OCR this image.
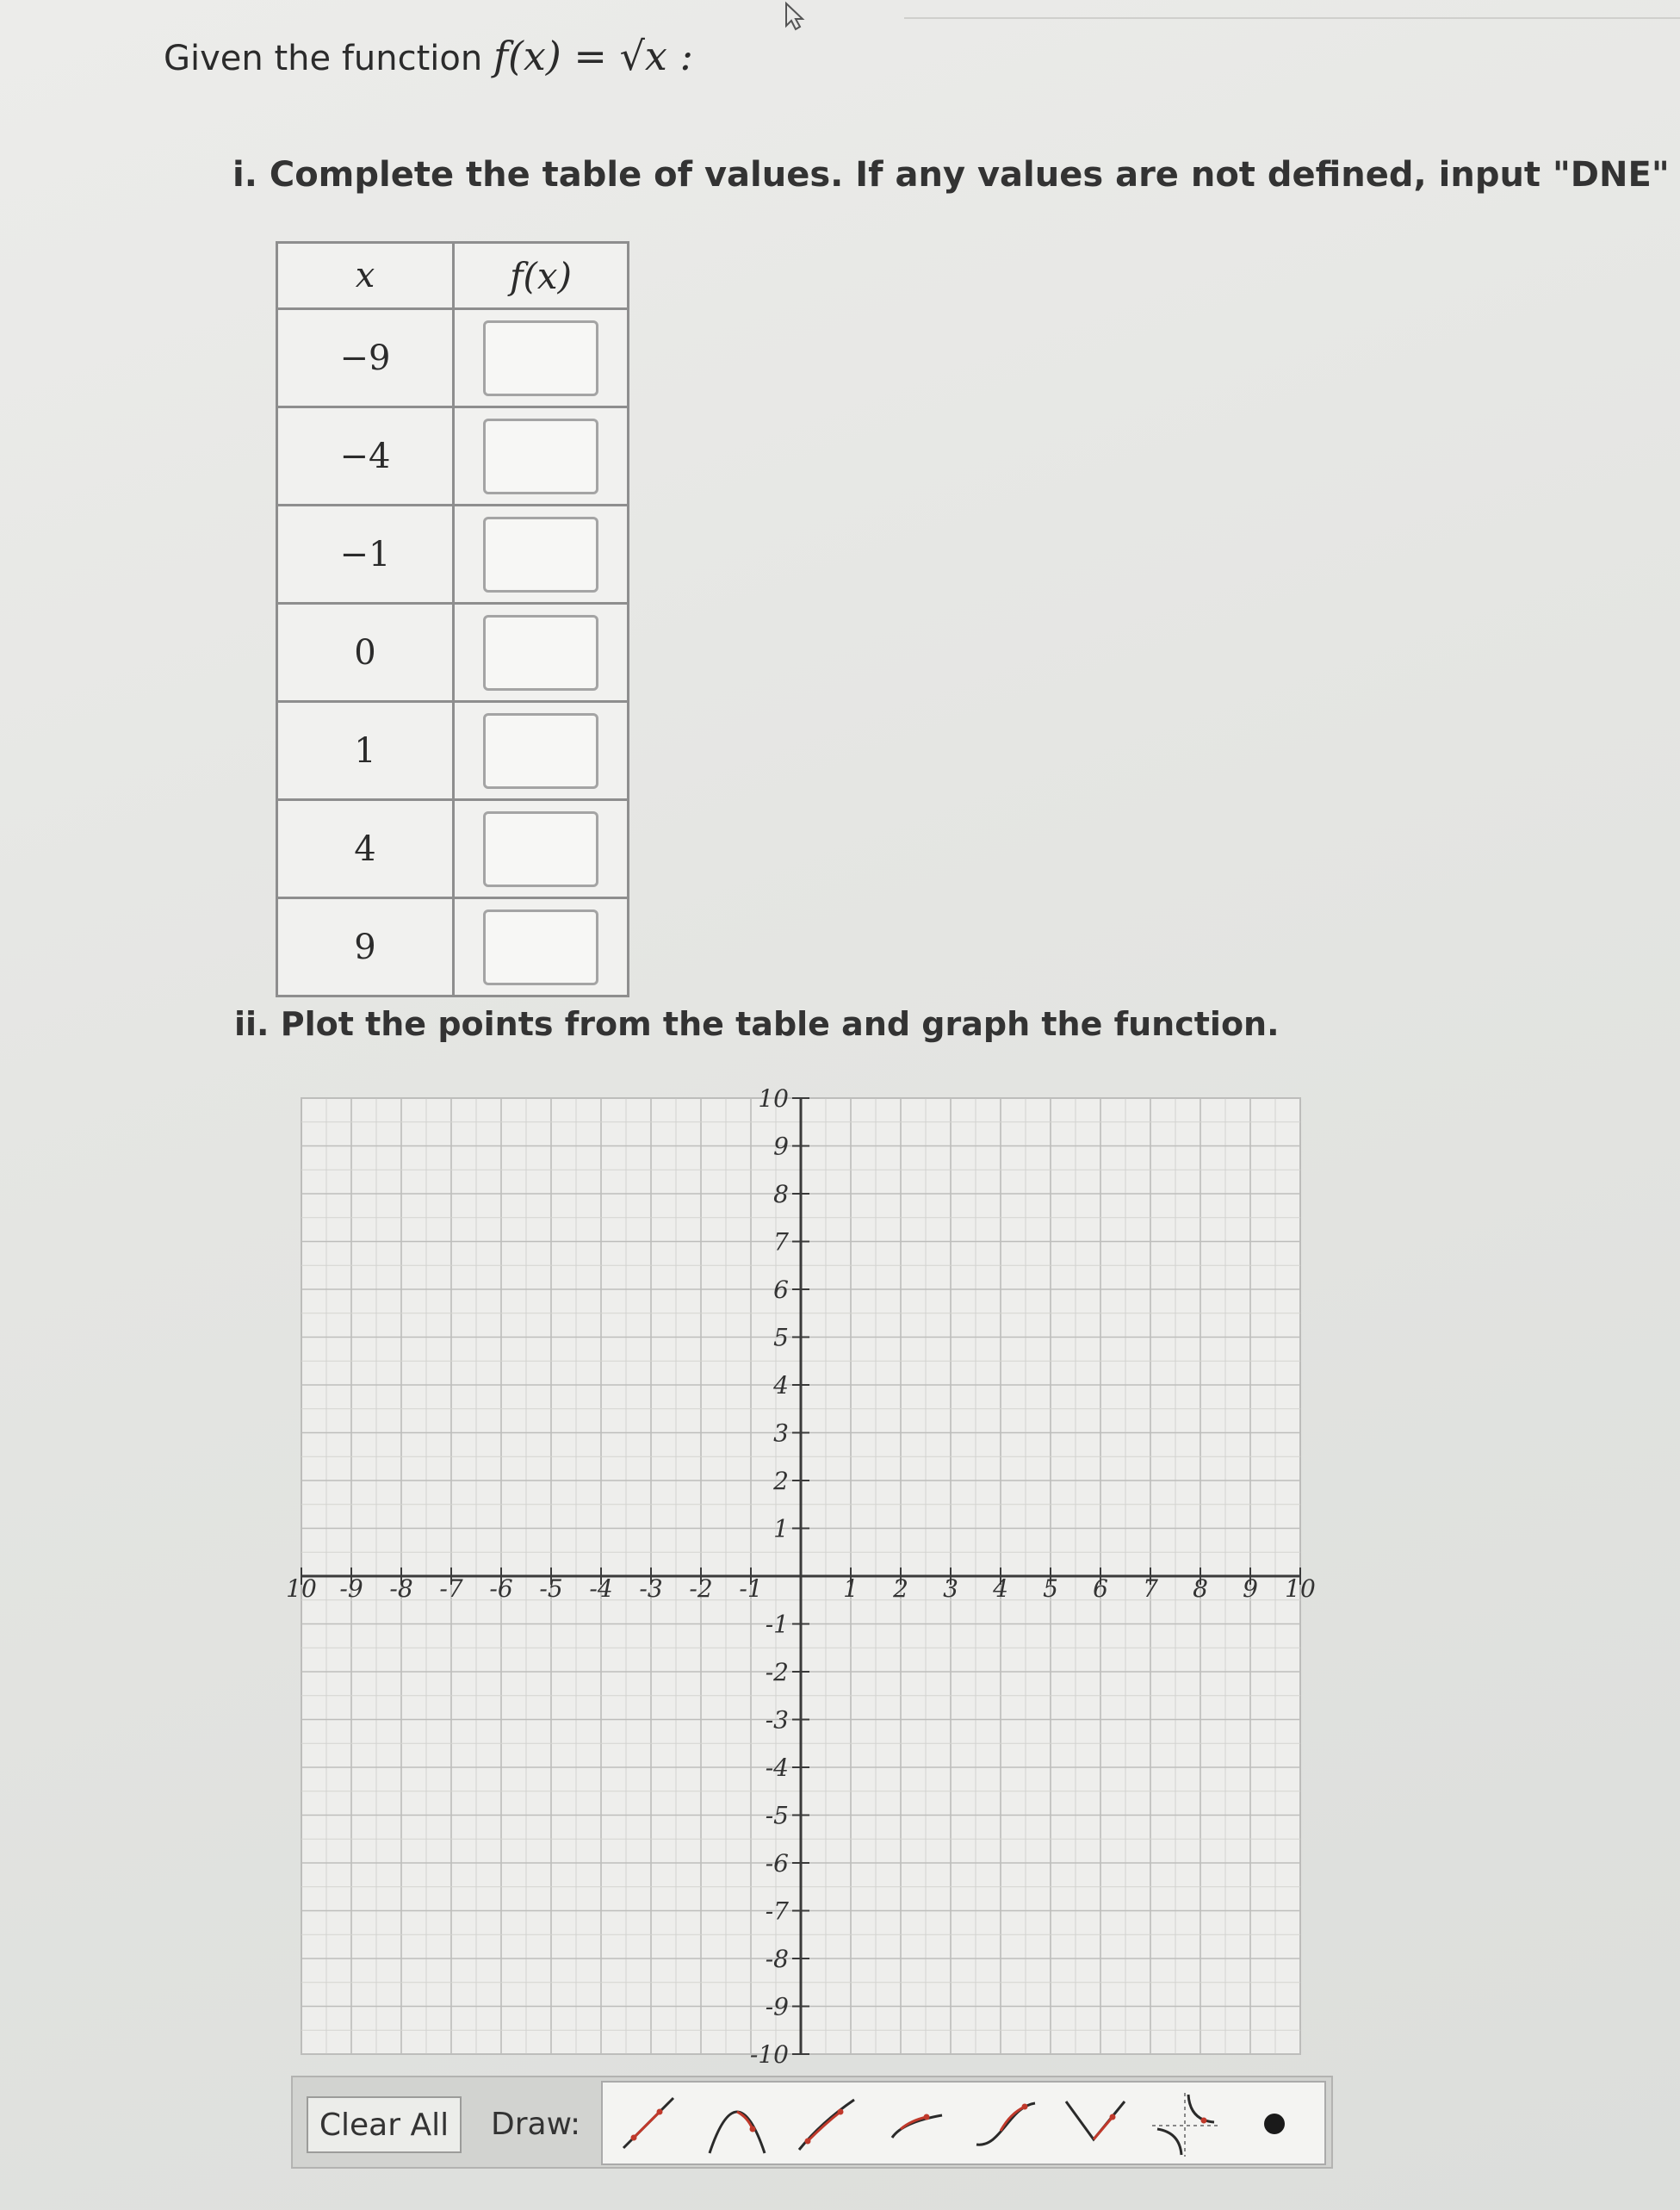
Given the function f(x) = √x :
i. Complete the table of values. If any values are not defined, input "DNE"
x	f(x)
−9	

−4	

−1	

0	

1	

4	

9	
ii. Plot the points from the table and graph the function.
10 -9 -8 -7 -6 -5 -4 -3 -2 -1	1 2 3 4 5 6 7 8 9 10
10
9
8
7
6
5
4
3
2
1
-1
-2
-3
-4
-5
-6
-7
-8
-9
-10
Clear All	Draw:
